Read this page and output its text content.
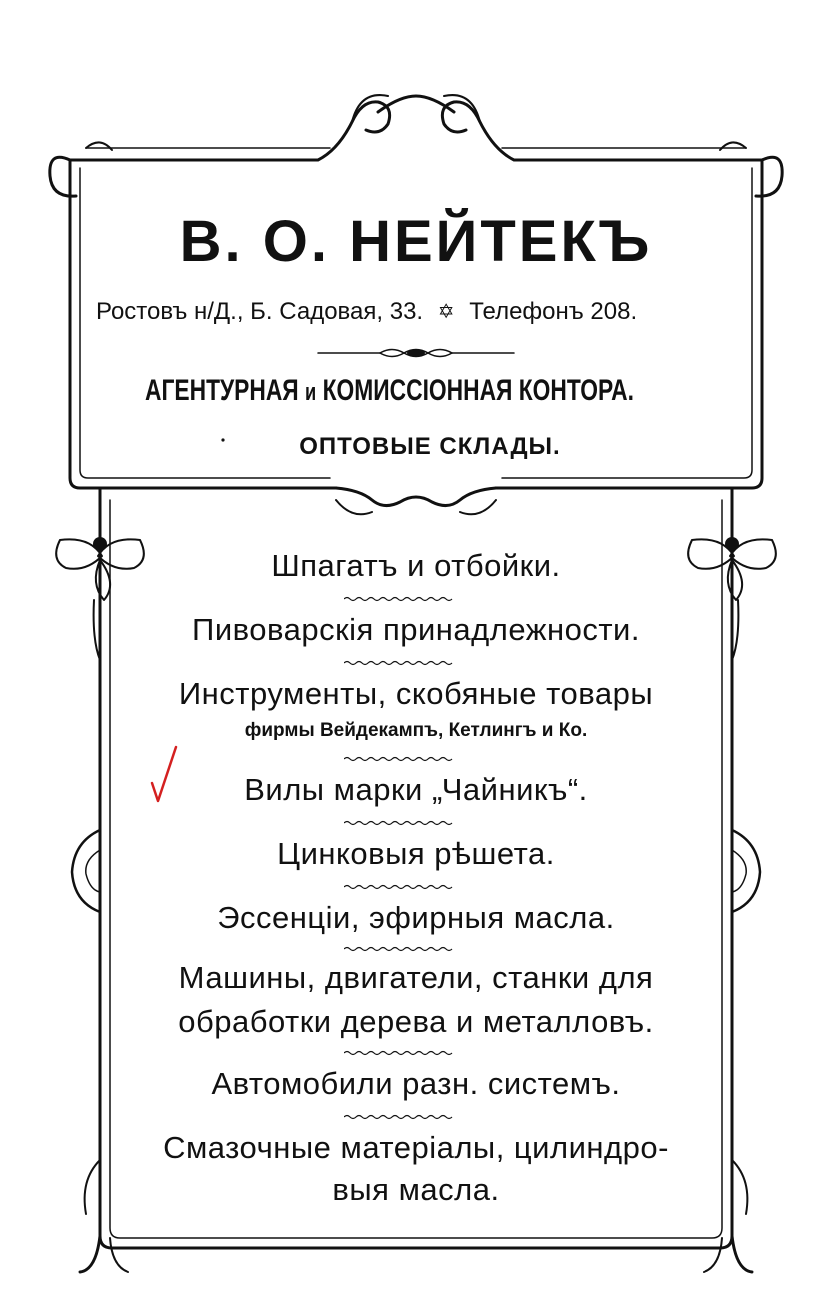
В. О. НЕЙТЕКЪ
Ростовъ н/Д., Б. Садовая, 33. ✡ Телефонъ 208.
АГЕНТУРНАЯ и КОМИССІОННАЯ КОНТОРА.
ОПТОВЫЕ СКЛАДЫ.
Шпагатъ и отбойки.
Пивоварскія принадлежности.
Инструменты, скобяные товары
фирмы Вейдекампъ, Кетлингъ и Ко.
Вилы марки „Чайникъ“.
Цинковыя рѣшета.
Эссенціи, эфирныя масла.
Машины, двигатели, станки для
обработки дерева и металловъ.
Автомобили разн. системъ.
Смазочные матеріалы, цилиндро-
выя масла.
